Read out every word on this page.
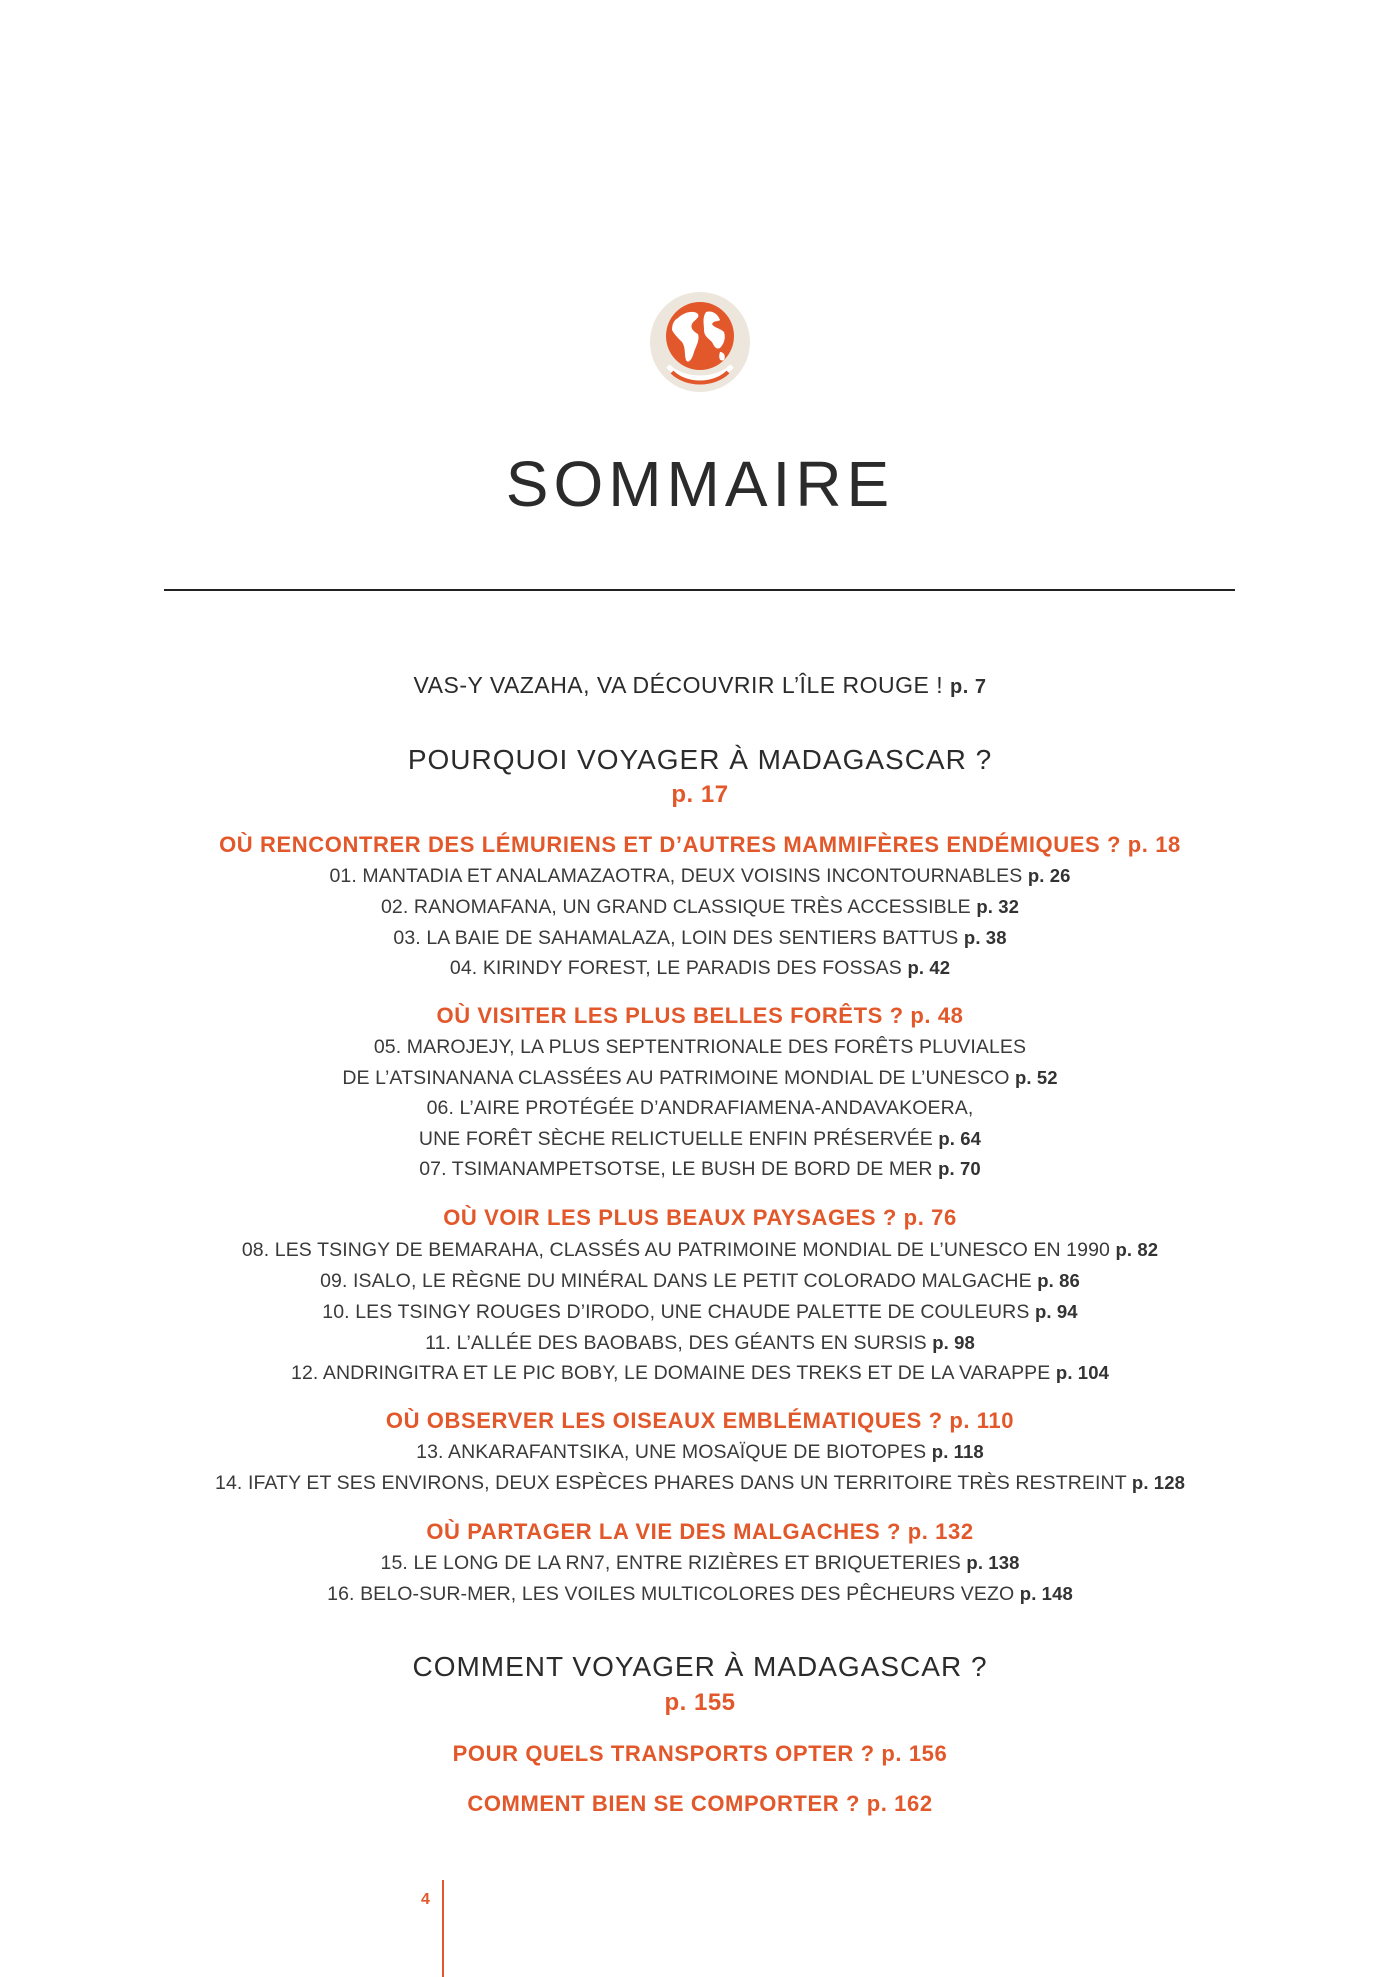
SOMMAIRE
VAS-Y VAZAHA, VA DÉCOUVRIR L’ÎLE ROUGE ! p. 7
POURQUOI VOYAGER À MADAGASCAR ?
p. 17
OÙ RENCONTRER DES LÉMURIENS ET D’AUTRES MAMMIFÈRES ENDÉMIQUES ? p. 18
01. MANTADIA ET ANALAMAZAOTRA, DEUX VOISINS INCONTOURNABLES p. 26
02. RANOMAFANA, UN GRAND CLASSIQUE TRÈS ACCESSIBLE p. 32
03. LA BAIE DE SAHAMALAZA, LOIN DES SENTIERS BATTUS p. 38
04. KIRINDY FOREST, LE PARADIS DES FOSSAS p. 42
OÙ VISITER LES PLUS BELLES FORÊTS ? p. 48
05. MAROJEJY, LA PLUS SEPTENTRIONALE DES FORÊTS PLUVIALES
DE L’ATSINANANA CLASSÉES AU PATRIMOINE MONDIAL DE L’UNESCO p. 52
06. L’AIRE PROTÉGÉE D’ANDRAFIAMENA-ANDAVAKOERA,
UNE FORÊT SÈCHE RELICTUELLE ENFIN PRÉSERVÉE p. 64
07. TSIMANAMPETSOTSE, LE BUSH DE BORD DE MER p. 70
OÙ VOIR LES PLUS BEAUX PAYSAGES ? p. 76
08. LES TSINGY DE BEMARAHA, CLASSÉS AU PATRIMOINE MONDIAL DE L’UNESCO EN 1990 p. 82
09. ISALO, LE RÈGNE DU MINÉRAL DANS LE PETIT COLORADO MALGACHE p. 86
10. LES TSINGY ROUGES D’IRODO, UNE CHAUDE PALETTE DE COULEURS p. 94
11. L’ALLÉE DES BAOBABS, DES GÉANTS EN SURSIS p. 98
12. ANDRINGITRA ET LE PIC BOBY, LE DOMAINE DES TREKS ET DE LA VARAPPE p. 104
OÙ OBSERVER LES OISEAUX EMBLÉMATIQUES ? p. 110
13. ANKARAFANTSIKA, UNE MOSAÏQUE DE BIOTOPES p. 118
14. IFATY ET SES ENVIRONS, DEUX ESPÈCES PHARES DANS UN TERRITOIRE TRÈS RESTREINT p. 128
OÙ PARTAGER LA VIE DES MALGACHES ? p. 132
15. LE LONG DE LA RN7, ENTRE RIZIÈRES ET BRIQUETERIES p. 138
16. BELO-SUR-MER, LES VOILES MULTICOLORES DES PÊCHEURS VEZO p. 148
COMMENT VOYAGER À MADAGASCAR ?
p. 155
POUR QUELS TRANSPORTS OPTER ? p. 156
COMMENT BIEN SE COMPORTER ? p. 162
4
